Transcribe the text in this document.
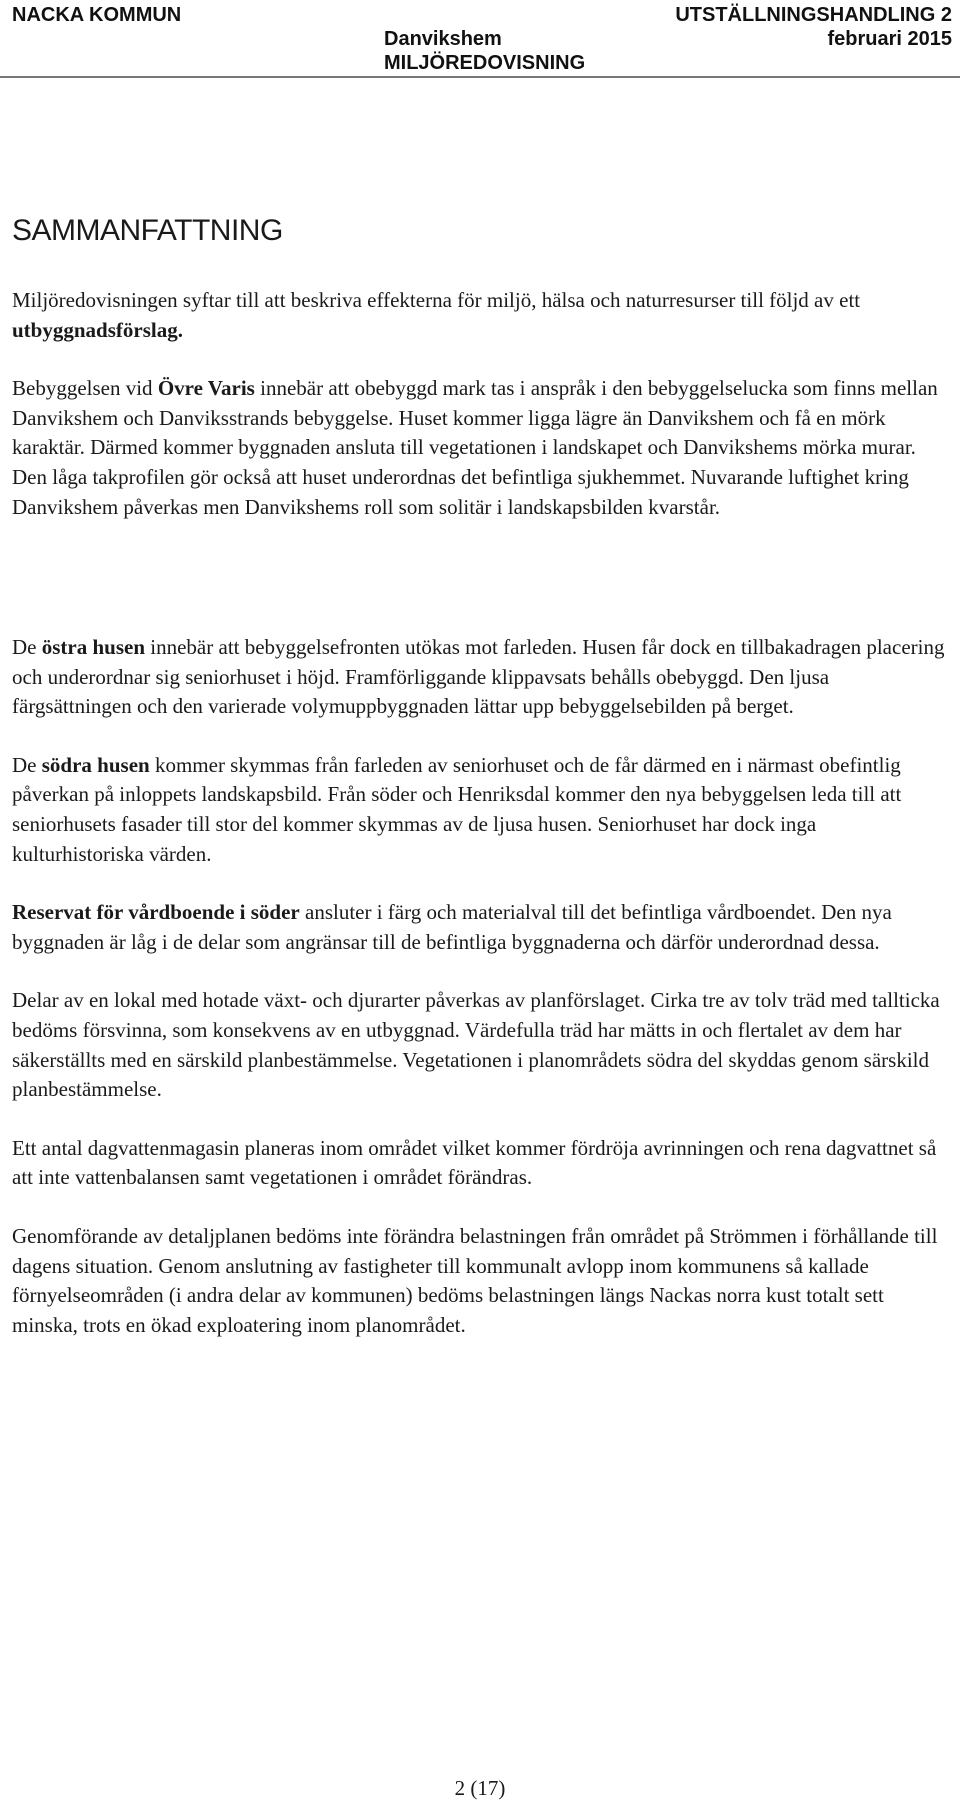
NACKA KOMMUN
Danvikshem
MILJÖREDOVISNING
UTSTÄLLNINGSHANDLING 2
februari 2015
SAMMANFATTNING

Miljöredovisningen syftar till att beskriva effekterna för miljö, hälsa och naturresurser till följd av ett utbyggnadsförslag.

Bebyggelsen vid Övre Varis innebär att obebyggd mark tas i anspråk i den bebyggelselucka som finns mellan Danvikshem och Danviksstrands bebyggelse. Huset kommer ligga lägre än Danvikshem och få en mörk karaktär. Därmed kommer byggnaden ansluta till vegetationen i landskapet och Danvikshems mörka murar. Den låga takprofilen gör också att huset underordnas det befintliga sjukhemmet. Nuvarande luftighet kring Danvikshem påverkas men Danvikshems roll som solitär i landskapsbilden kvarstår.

De östra husen innebär att bebyggelsefronten utökas mot farleden. Husen får dock en tillbakadragen placering och underordnar sig seniorhuset i höjd. Framförliggande klippavsats behålls obebyggd. Den ljusa färgsättningen och den varierade volymuppbyggnaden lättar upp bebyggelsebilden på berget.

De södra husen kommer skymmas från farleden av seniorhuset och de får därmed en i närmast obefintlig påverkan på inloppets landskapsbild. Från söder och Henriksdal kommer den nya bebyggelsen leda till att seniorhusets fasader till stor del kommer skymmas av de ljusa husen. Seniorhuset har dock inga kulturhistoriska värden.

Reservat för vårdboende i söder ansluter i färg och materialval till det befintliga vårdboendet. Den nya byggnaden är låg i de delar som angränsar till de befintliga byggnaderna och därför underordnad dessa.

Delar av en lokal med hotade växt- och djurarter påverkas av planförslaget. Cirka tre av tolv träd med tallticka bedöms försvinna, som konsekvens av en utbyggnad. Värdefulla träd har mätts in och flertalet av dem har säkerställts med en särskild planbestämmelse. Vegetationen i planområdets södra del skyddas genom särskild planbestämmelse.

Ett antal dagvattenmagasin planeras inom området vilket kommer fördröja avrinningen och rena dagvattnet så att inte vattenbalansen samt vegetationen i området förändras.

Genomförande av detaljplanen bedöms inte förändra belastningen från området på Strömmen i förhållande till dagens situation. Genom anslutning av fastigheter till kommunalt avlopp inom kommunens så kallade förnyelseområden (i andra delar av kommunen) bedöms belastningen längs Nackas norra kust totalt sett minska, trots en ökad exploatering inom planområdet.

2 (17)
